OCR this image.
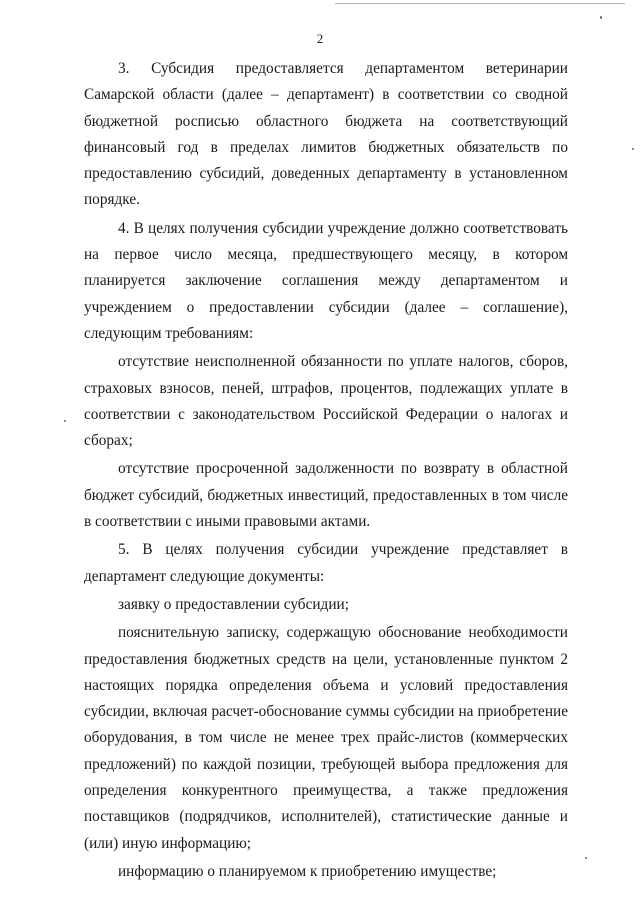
2

3. Субсидия предоставляется департаментом ветеринарии Самарской области (далее – департамент) в соответствии со сводной бюджетной росписью областного бюджета на соответствующий финансовый год в пределах лимитов бюджетных обязательств по предоставлению субсидий, доведенных департаменту в установленном порядке.

4. В целях получения субсидии учреждение должно соответствовать на первое число месяца, предшествующего месяцу, в котором планируется заключение соглашения между департаментом и учреждением о предоставлении субсидии (далее – соглашение), следующим требованиям:

отсутствие неисполненной обязанности по уплате налогов, сборов, страховых взносов, пеней, штрафов, процентов, подлежащих уплате в соответствии с законодательством Российской Федерации о налогах и сборах;

отсутствие просроченной задолженности по возврату в областной бюджет субсидий, бюджетных инвестиций, предоставленных в том числе в соответствии с иными правовыми актами.

5. В целях получения субсидии учреждение представляет в департамент следующие документы:

заявку о предоставлении субсидии;

пояснительную записку, содержащую обоснование необходимости предоставления бюджетных средств на цели, установленные пунктом 2 настоящих порядка определения объема и условий предоставления субсидии, включая расчет-обоснование суммы субсидии на приобретение оборудования, в том числе не менее трех прайс-листов (коммерческих предложений) по каждой позиции, требующей выбора предложения для определения конкурентного преимущества, а также предложения поставщиков (подрядчиков, исполнителей), статистические данные и (или) иную информацию;

информацию о планируемом к приобретению имуществе;
